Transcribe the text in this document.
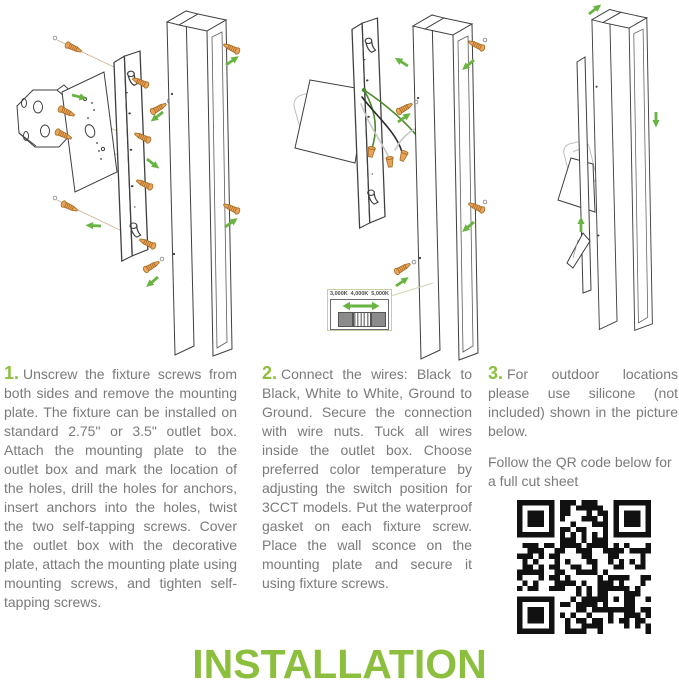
3,000K 4,000K 5,000K

1. Unscrew the fixture screws from both sides and remove the mounting plate. The fixture can be installed on standard 2.75" or 3.5" outlet box. Attach the mounting plate to the outlet box and mark the location of the holes, drill the holes for anchors, insert anchors into the holes, twist the two self-tapping screws. Cover the outlet box with the decorative plate, attach the mounting plate using mounting screws, and tighten self-tapping screws.

2. Connect the wires: Black to Black, White to White, Ground to Ground. Secure the connection with wire nuts. Tuck all wires inside the outlet box. Choose preferred color temperature by adjusting the switch position for 3CCT models. Put the waterproof gasket on each fixture screw. Place the wall sconce on the mounting plate and secure it using fixture screws.

3. For outdoor locations please use silicone (not included) shown in the picture below.

Follow the QR code below for a full cut sheet

INSTALLATION
